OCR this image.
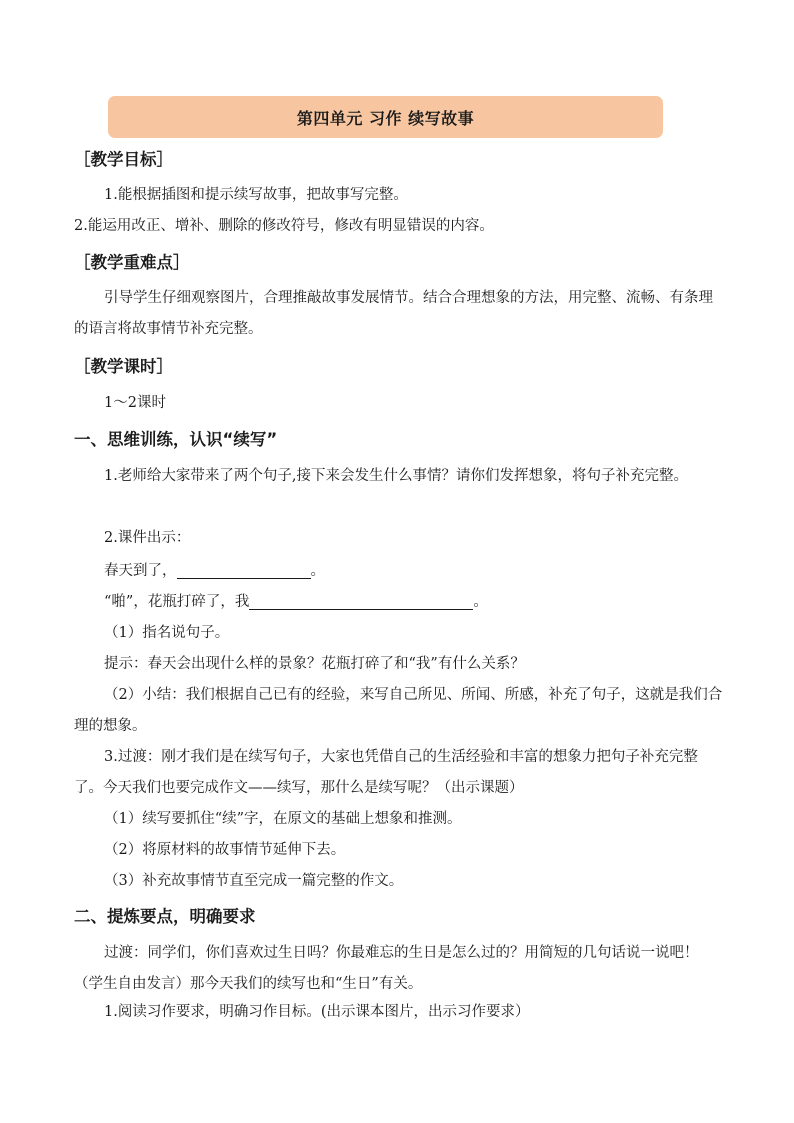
第四单元 习作 续写故事
［教学目标］
1.能根据插图和提示续写故事，把故事写完整。
2.能运用改正、增补、删除的修改符号，修改有明显错误的内容。
［教学重难点］
引导学生仔细观察图片，合理推敲故事发展情节。结合合理想象的方法，用完整、流畅、有条理的语言将故事情节补充完整。
［教学课时］
1～2课时
一、思维训练，认识“续写”
1.老师给大家带来了两个句子,接下来会发生什么事情？请你们发挥想象，将句子补充完整。
2.课件出示：
春天到了，	。
“啪”，花瓶打碎了，我	。
（1）指名说句子。
提示：春天会出现什么样的景象？花瓶打碎了和“我”有什么关系？
（2）小结：我们根据自己已有的经验，来写自己所见、所闻、所感，补充了句子，这就是我们合理的想象。
3.过渡：刚才我们是在续写句子，大家也凭借自己的生活经验和丰富的想象力把句子补充完整了。今天我们也要完成作文——续写，那什么是续写呢？（出示课题）
（1）续写要抓住“续”字，在原文的基础上想象和推测。
（2）将原材料的故事情节延伸下去。
（3）补充故事情节直至完成一篇完整的作文。
二、提炼要点，明确要求
过渡：同学们，你们喜欢过生日吗？你最难忘的生日是怎么过的？用简短的几句话说一说吧！（学生自由发言）那今天我们的续写也和“生日”有关。
1.阅读习作要求，明确习作目标。(出示课本图片，出示习作要求）
